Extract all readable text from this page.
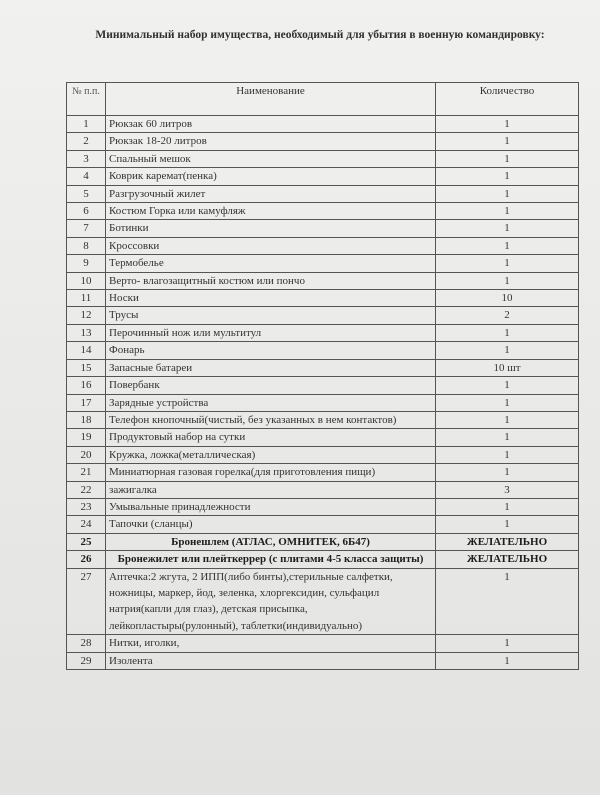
Минимальный набор имущества, необходимый для убытия в военную командировку:
№ п.п.	Наименование	Количество
1	Рюкзак 60 литров	1
2	Рюкзак 18-20 литров	1
3	Спальный мешок	1
4	Коврик каремат(пенка)	1
5	Разгрузочный жилет	1
6	Костюм Горка или камуфляж	1
7	Ботинки	1
8	Кроссовки	1
9	Термобелье	1
10	Верто- влагозащитный костюм или пончо	1
11	Носки	10
12	Трусы	2
13	Перочинный нож или мультитул	1
14	Фонарь	1
15	Запасные батареи	10 шт
16	Повербанк	1
17	Зарядные устройства	1
18	Телефон кнопочный(чистый, без указанных в нем контактов)	1
19	Продуктовый набор на сутки	1
20	Кружка, ложка(металлическая)	1
21	Миниатюрная газовая горелка(для приготовления пищи)	1
22	зажигалка	3
23	Умывальные принадлежности	1
24	Тапочки (сланцы)	1
25	Бронешлем (АТЛАС, ОМНИТЕК, 6Б47)	ЖЕЛАТЕЛЬНО
26	Бронежилет или плейткеррер (с плитами 4-5 класса защиты)	ЖЕЛАТЕЛЬНО
27	Аптечка:2 жгута, 2 ИПП(либо бинты),стерильные салфетки, ножницы, маркер, йод, зеленка, хлоргексидин, сульфацил натрия(капли для глаз), детская присыпка, лейкопластыры(рулонный), таблетки(индивидуально)	1
28	Нитки, иголки,	1
29	Изолента	1
